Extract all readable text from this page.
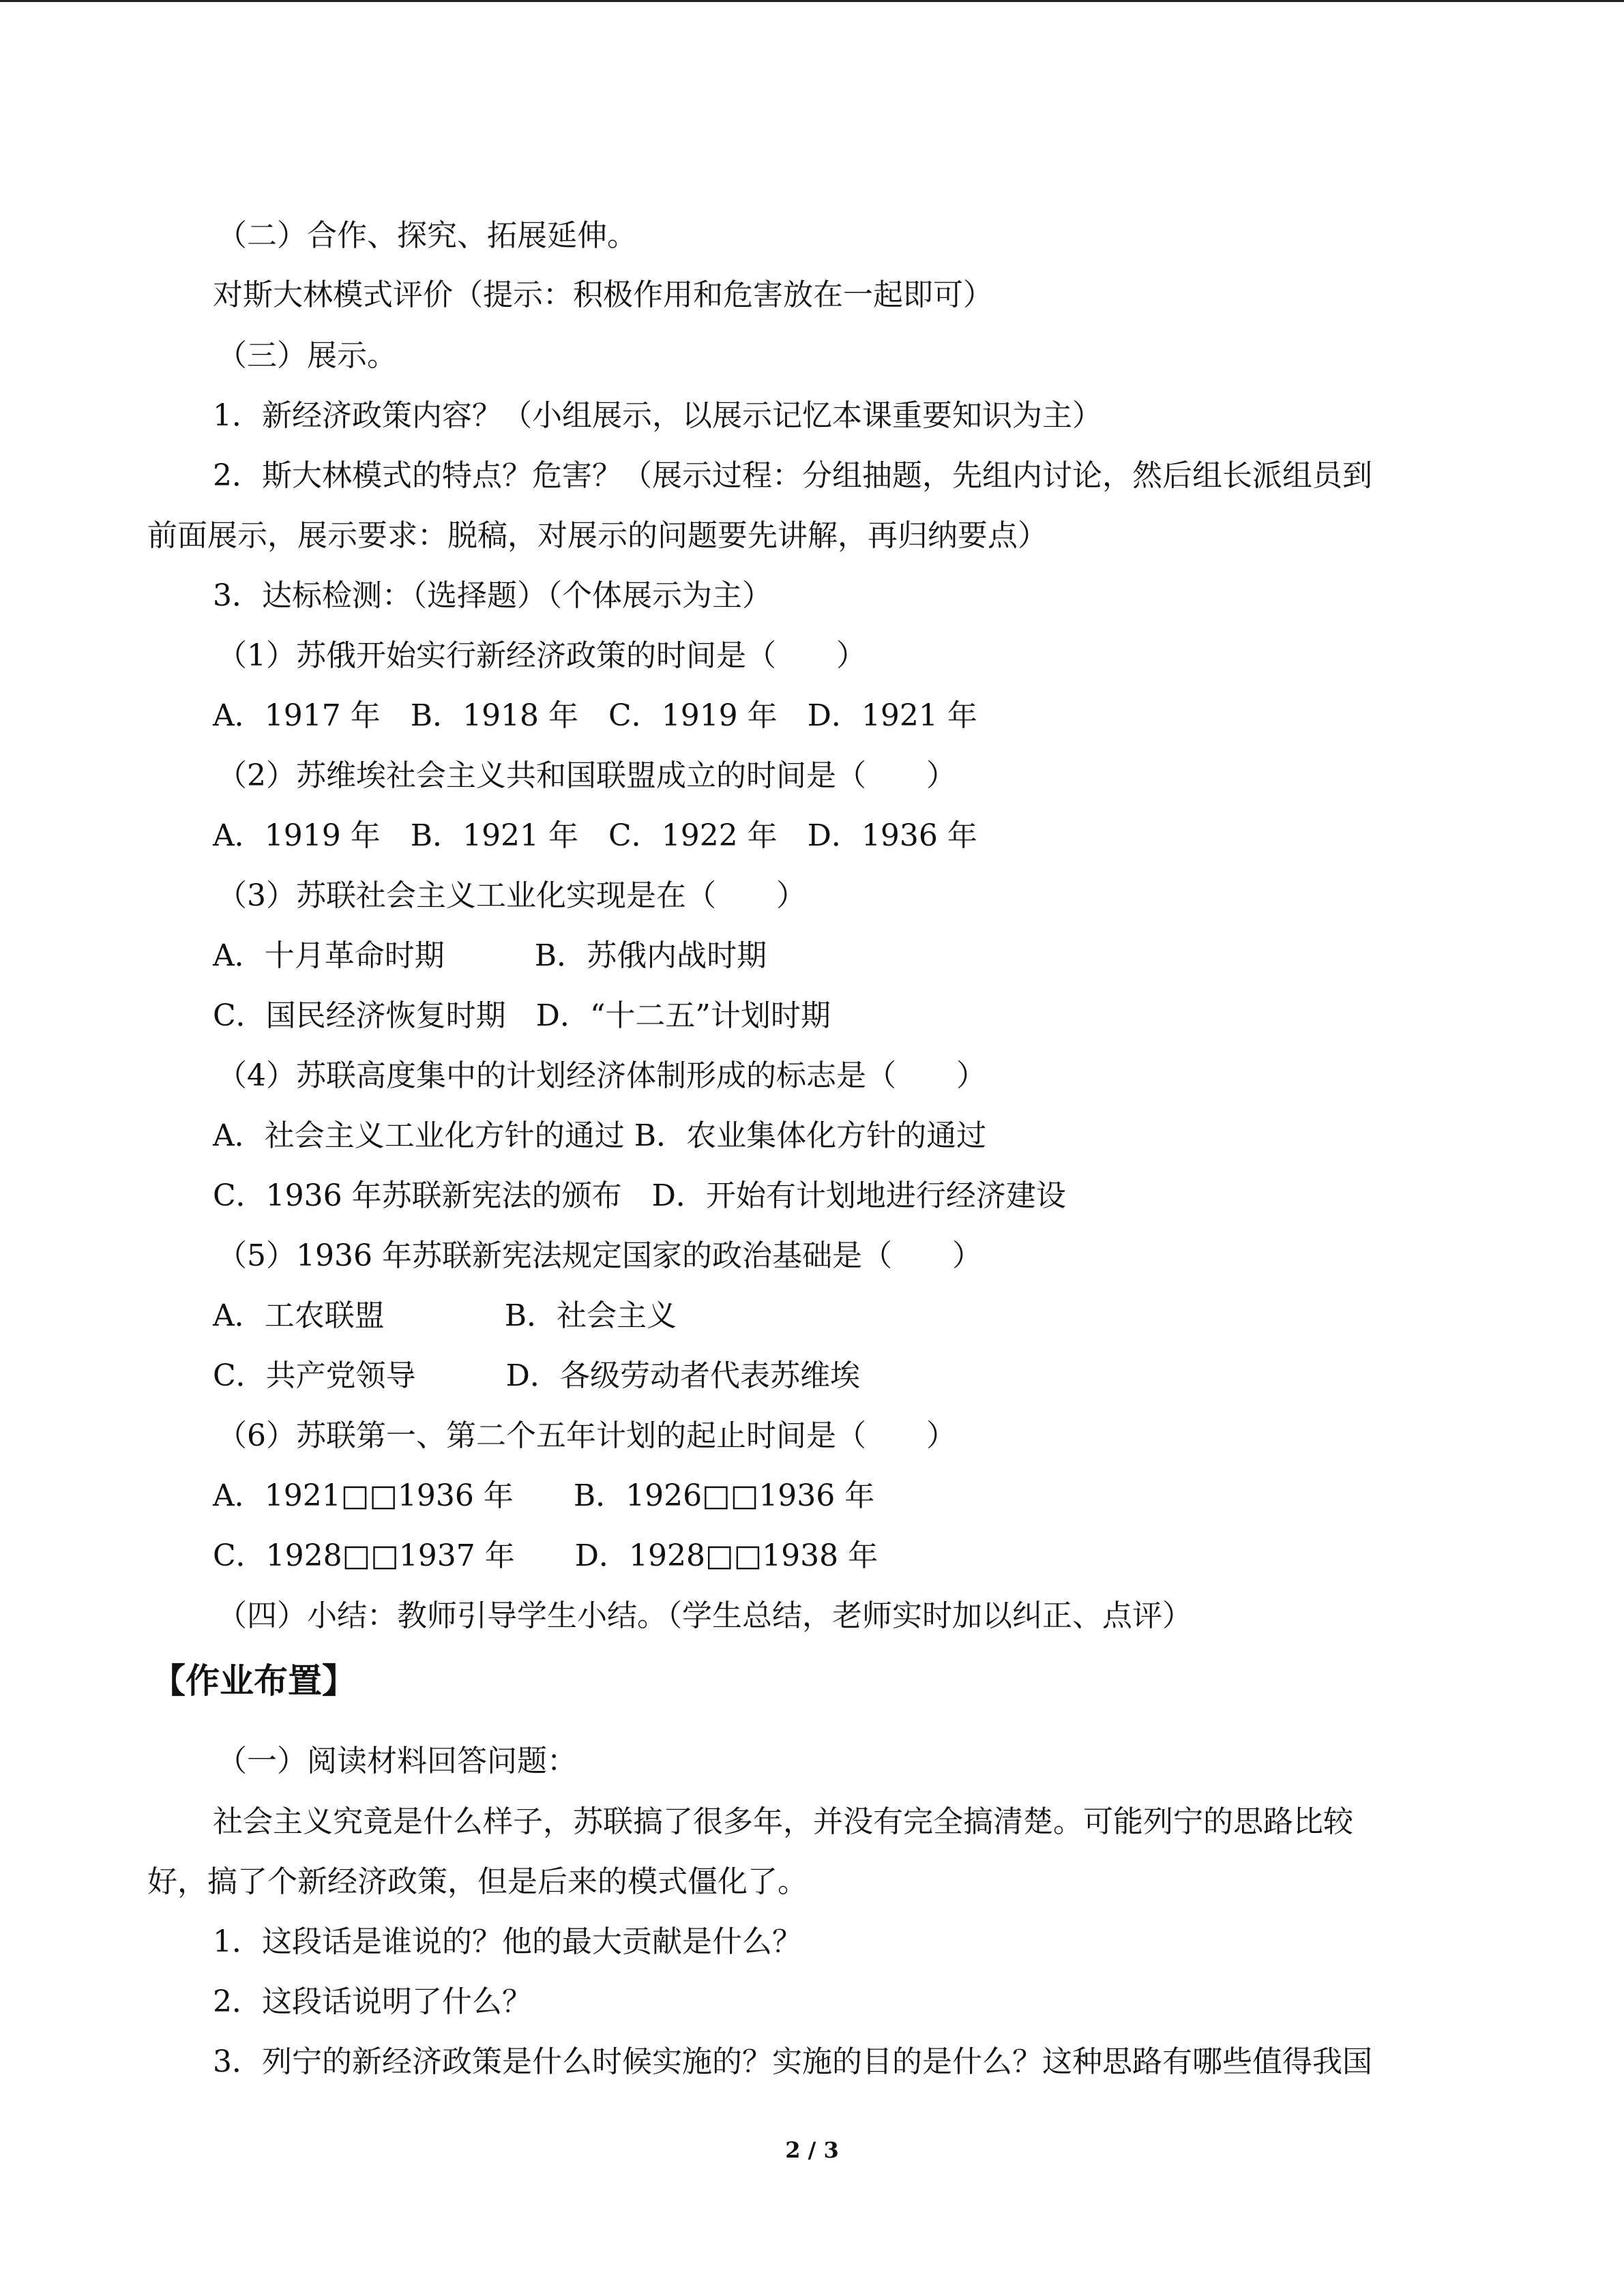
（二）合作、探究、拓展延伸。
对斯大林模式评价（提示：积极作用和危害放在一起即可）
（三）展示。
1．新经济政策内容？（小组展示，以展示记忆本课重要知识为主）
2．斯大林模式的特点？危害？（展示过程：分组抽题，先组内讨论，然后组长派组员到
前面展示，展示要求：脱稿，对展示的问题要先讲解，再归纳要点）
3．达标检测：（选择题）（个体展示为主）
（1）苏俄开始实行新经济政策的时间是（　　）
A．1917 年　B．1918 年　C．1919 年　D．1921 年
（2）苏维埃社会主义共和国联盟成立的时间是（　　）
A．1919 年　B．1921 年　C．1922 年　D．1936 年
（3）苏联社会主义工业化实现是在（　　）
A．十月革命时期　　　B．苏俄内战时期
C．国民经济恢复时期　D．“十二五”计划时期
（4）苏联高度集中的计划经济体制形成的标志是（　　）
A．社会主义工业化方针的通过 B．农业集体化方针的通过
C．1936 年苏联新宪法的颁布　D．开始有计划地进行经济建设
（5）1936 年苏联新宪法规定国家的政治基础是（　　）
A．工农联盟　　　　B．社会主义
C．共产党领导　　　D．各级劳动者代表苏维埃
（6）苏联第一、第二个五年计划的起止时间是（　　）
A．1921□□1936 年　　B．1926□□1936 年
C．1928□□1937 年　　D．1928□□1938 年
（四）小结：教师引导学生小结。（学生总结，老师实时加以纠正、点评）
【作业布置】
（一）阅读材料回答问题：
社会主义究竟是什么样子，苏联搞了很多年，并没有完全搞清楚。可能列宁的思路比较
好，搞了个新经济政策，但是后来的模式僵化了。
1．这段话是谁说的？他的最大贡献是什么？
2．这段话说明了什么？
3．列宁的新经济政策是什么时候实施的？实施的目的是什么？这种思路有哪些值得我国
2 / 3
